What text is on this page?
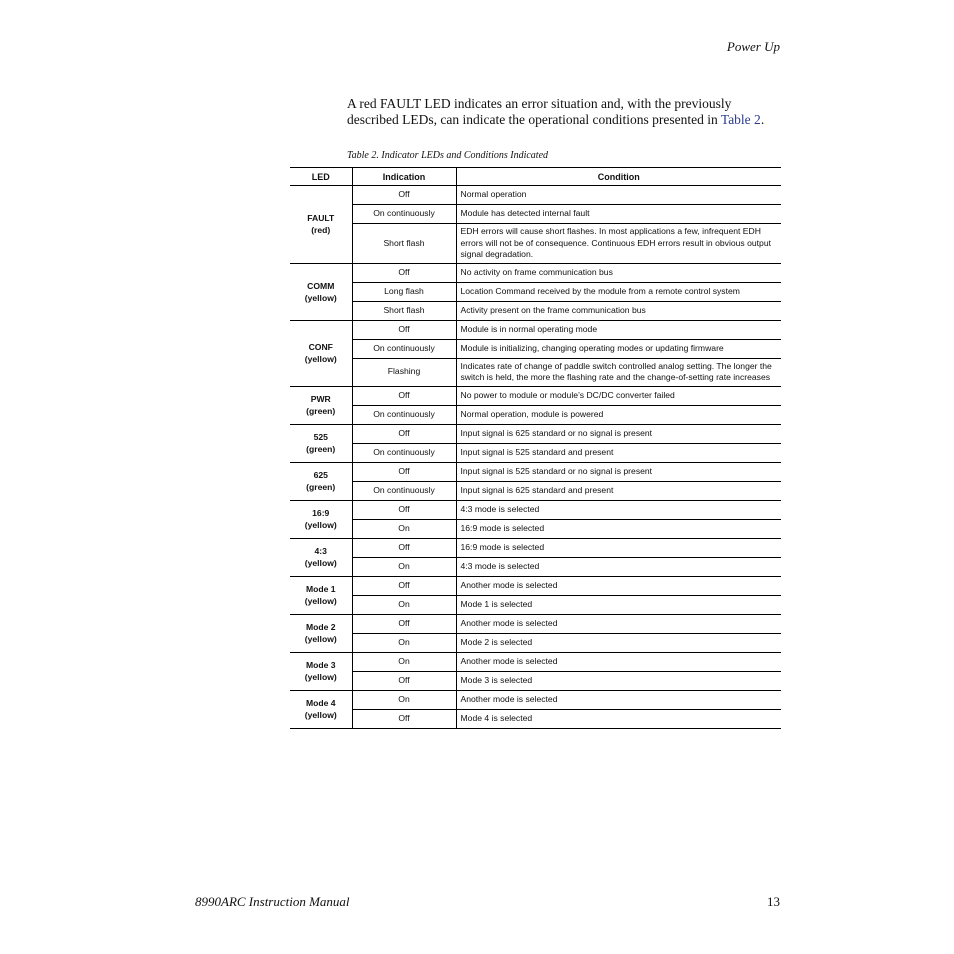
Power Up

A red FAULT LED indicates an error situation and, with the previously described LEDs, can indicate the operational conditions presented in Table 2.

Table 2. Indicator LEDs and Conditions Indicated
LED	Indication	Condition

FAULT
(red)	Off	Normal operation
	On continuously	Module has detected internal fault
	Short flash	EDH errors will cause short flashes. In most applications a few, infrequent EDH errors will not be of consequence. Continuous EDH errors result in obvious output signal degradation.

COMM
(yellow)	Off	No activity on frame communication bus
	Long flash	Location Command received by the module from a remote control system
	Short flash	Activity present on the frame communication bus

CONF
(yellow)	Off	Module is in normal operating mode
	On continuously	Module is initializing, changing operating modes or updating firmware
	Flashing	Indicates rate of change of paddle switch controlled analog setting. The longer the switch is held, the more the flashing rate and the change-of-setting rate increases

PWR
(green)	Off	No power to module or module’s DC/DC converter failed
	On continuously	Normal operation, module is powered

525
(green)	Off	Input signal is 625 standard or no signal is present
	On continuously	Input signal is 525 standard and present

625
(green)	Off	Input signal is 525 standard or no signal is present
	On continuously	Input signal is 625 standard and present

16:9
(yellow)	Off	4:3 mode is selected
	On	16:9 mode is selected

4:3
(yellow)	Off	16:9 mode is selected
	On	4:3 mode is selected

Mode 1
(yellow)	Off	Another mode is selected
	On	Mode 1 is selected

Mode 2
(yellow)	Off	Another mode is selected
	On	Mode 2 is selected

Mode 3
(yellow)	On	Another mode is selected
	Off	Mode 3 is selected

Mode 4
(yellow)	On	Another mode is selected
	Off	Mode 4 is selected
8990ARC Instruction Manual	13
